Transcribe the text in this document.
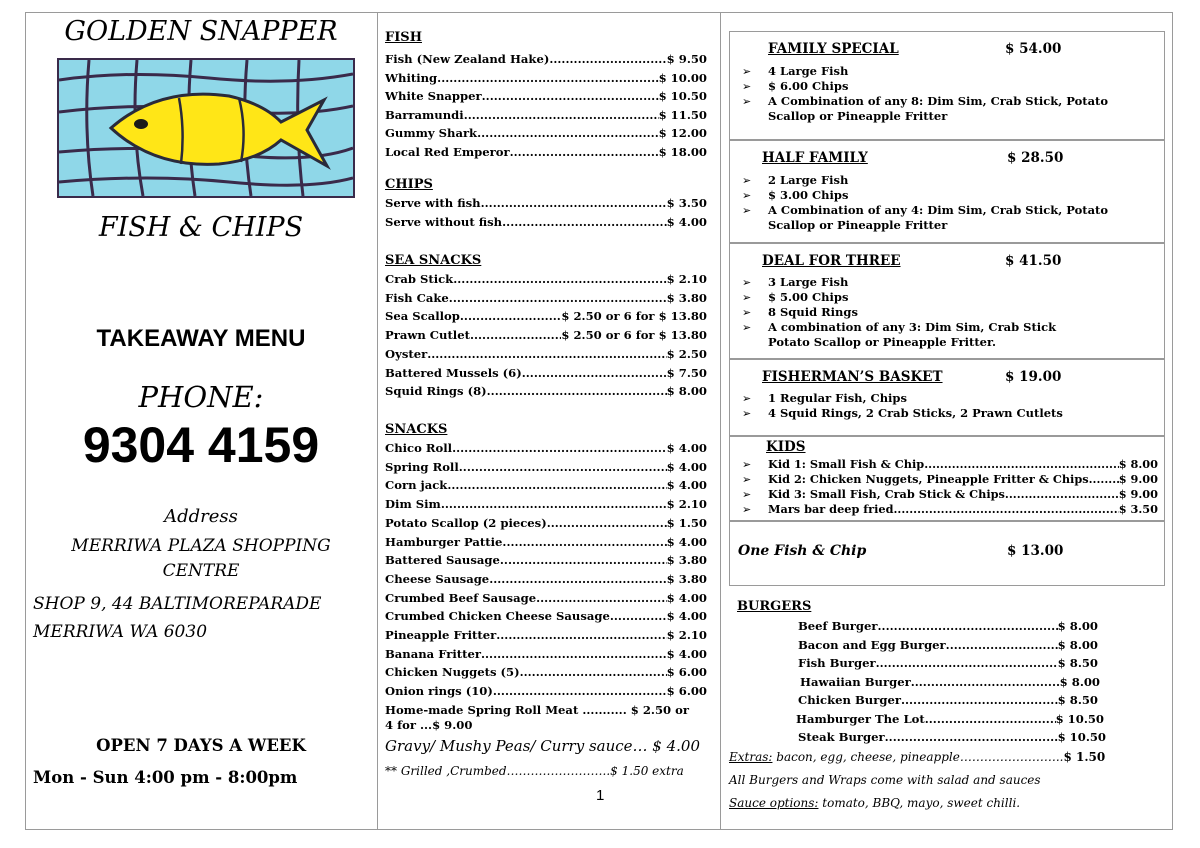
GOLDEN SNAPPER
FISH & CHIPS
TAKEAWAY MENU
PHONE:
9304 4159
Address
MERRIWA PLAZA SHOPPING
CENTRE
SHOP 9, 44 BALTIMOREPARADE
MERRIWA WA 6030
OPEN 7 DAYS A WEEK
Mon - Sun 4:00 pm - 8:00pm
FISH
Fish (New Zealand Hake) .....	$ 9.50
Whiting .....	$ 10.00
White Snapper .....	$ 10.50
Barramundi .....	$ 11.50
Gummy Shark .....	$ 12.00
Local Red Emperor .....	$ 18.00
CHIPS
Serve with fish .....	$ 3.50
Serve without fish .....	$ 4.00
SEA SNACKS
Crab Stick .....	$ 2.10
Fish Cake .....	$ 3.80
Sea Scallop .....	$ 2.50 or 6 for $ 13.80
Prawn Cutlet .....	$ 2.50 or 6 for $ 13.80
Oyster .....	$ 2.50
Battered Mussels (6) .....	$ 7.50
Squid Rings (8) .....	$ 8.00
SNACKS
Chico Roll .....	$ 4.00
Spring Roll .....	$ 4.00
Corn jack .....	$ 4.00
Dim Sim .....	$ 2.10
Potato Scallop (2 pieces) .....	$ 1.50
Hamburger Pattie .....	$ 4.00
Battered Sausage .....	$ 3.80
Cheese Sausage .....	$ 3.80
Crumbed Beef Sausage .....	$ 4.00
Crumbed Chicken Cheese Sausage .....	$ 4.00
Pineapple Fritter .....	$ 2.10
Banana Fritter .....	$ 4.00
Chicken Nuggets (5) .....	$ 6.00
Onion rings (10) .....	$ 6.00
Home-made Spring Roll Meat ........... $ 2.50 or
4 for ...$ 9.00
Gravy/ Mushy Peas/ Curry sauce… $ 4.00
** Grilled ,Crumbed……………………..$ 1.50 extra
1
FAMILY SPECIAL	$ 54.00
➢ 4 Large Fish
➢ $ 6.00 Chips
➢ A Combination of any 8: Dim Sim, Crab Stick, Potato
Scallop or Pineapple Fritter
HALF FAMILY	$ 28.50
➢ 2 Large Fish
➢ $ 3.00 Chips
➢ A Combination of any 4: Dim Sim, Crab Stick, Potato
Scallop or Pineapple Fritter
DEAL FOR THREE	$ 41.50
➢ 3 Large Fish
➢ $ 5.00 Chips
➢ 8 Squid Rings
➢ A combination of any 3: Dim Sim, Crab Stick
Potato Scallop or Pineapple Fritter.
FISHERMAN’S BASKET	$ 19.00
➢ 1 Regular Fish, Chips
➢ 4 Squid Rings, 2 Crab Sticks, 2 Prawn Cutlets
KIDS
➢	Kid 1: Small Fish & Chip .....	$ 8.00
➢	Kid 2: Chicken Nuggets, Pineapple Fritter & Chips .....	$ 9.00
➢	Kid 3: Small Fish, Crab Stick & Chips .....	$ 9.00
➢	Mars bar deep fried .....	$ 3.50
One Fish & Chip	$ 13.00
BURGERS
Beef Burger .....	$ 8.00
Bacon and Egg Burger .....	$ 8.00
Fish Burger .....	$ 8.50
Hawaiian Burger .....	$ 8.00
Chicken Burger .....	$ 8.50
Hamburger The Lot .....	$ 10.50
Steak Burger .....	$ 10.50
Extras: bacon, egg, cheese, pineapple……………………..$ 1.50
All Burgers and Wraps come with salad and sauces
Sauce options: tomato, BBQ, mayo, sweet chilli.
